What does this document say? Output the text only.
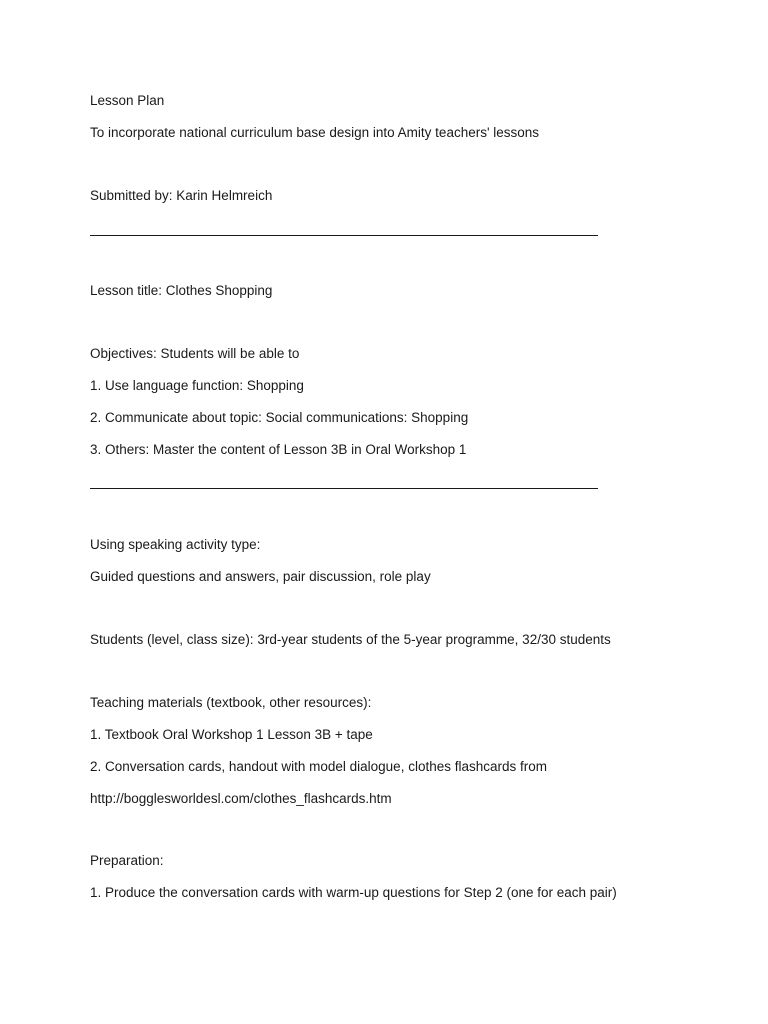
Lesson Plan
To incorporate national curriculum base design into Amity teachers' lessons
Submitted by: Karin Helmreich
Lesson title: Clothes Shopping
Objectives: Students will be able to
1. Use language function: Shopping
2. Communicate about topic: Social communications: Shopping
3. Others: Master the content of Lesson 3B in Oral Workshop 1
Using speaking activity type:
Guided questions and answers, pair discussion, role play
Students (level, class size): 3rd-year students of the 5-year programme, 32/30 students
Teaching materials (textbook, other resources):
1. Textbook Oral Workshop 1 Lesson 3B + tape
2. Conversation cards, handout with model dialogue, clothes flashcards from
http://bogglesworldesl.com/clothes_flashcards.htm
Preparation:
1. Produce the conversation cards with warm-up questions for Step 2 (one for each pair)
